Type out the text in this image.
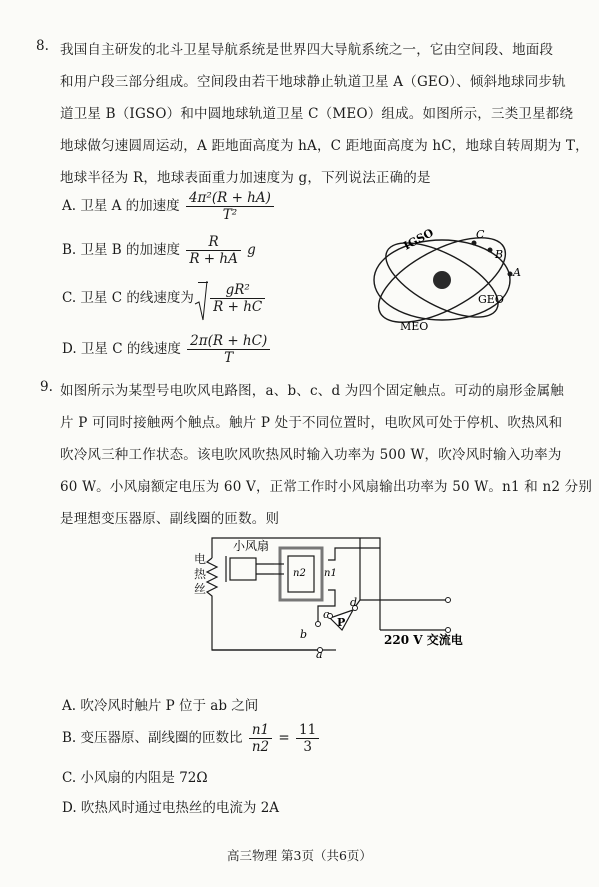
8. 我国自主研发的北斗卫星导航系统是世界四大导航系统之一，它由空间段、地面段
和用户段三部分组成。空间段由若干地球静止轨道卫星 A（GEO）、倾斜地球同步轨
道卫星 B（IGSO）和中圆地球轨道卫星 C（MEO）组成。如图所示，三类卫星都绕
地球做匀速圆周运动，A 距地面高度为 hA，C 距地面高度为 hC，地球自转周期为 T，
地球半径为 R，地球表面重力加速度为 g，下列说法正确的是
A. 卫星 A 的加速度 $\frac{\text{4π²(R + hA)}}{\text{T²}}$
B. 卫星 B 的加速度 $\frac{R}{R + hA}$ g
C. 卫星 C 的线速度为 $\frac{\text{gR²}}{R + hC}$
D. 卫星 C 的线速度 $\frac{2\pi(R + hC)}{T}$
IGSO
GEO
MEO
A
B
C
9. 如图所示为某型号电吹风电路图，a、b、c、d 为四个固定触点。可动的扇形金属触
片 P 可同时接触两个触点。触片 P 处于不同位置时，电吹风可处于停机、吹热风和
吹冷风三种工作状态。该电吹风吹热风时输入功率为 500 W，吹冷风时输入功率为
60 W。小风扇额定电压为 60 V，正常工作时小风扇输出功率为 50 W。n1 和 n2 分别
是理想变压器原、副线圈的匝数。则
小风扇
n2 n1
P
c
d
b
a
220 V 交流电
电热丝
A. 吹冷风时触片 P 位于 ab 之间
B. 变压器原、副线圈的匝数比 $\frac{n1}{n2} = \frac{11}{3}$
C. 小风扇的内阻是 72Ω
D. 吹热风时通过电热丝的电流为 2A
高三物理 第3页（共6页）
